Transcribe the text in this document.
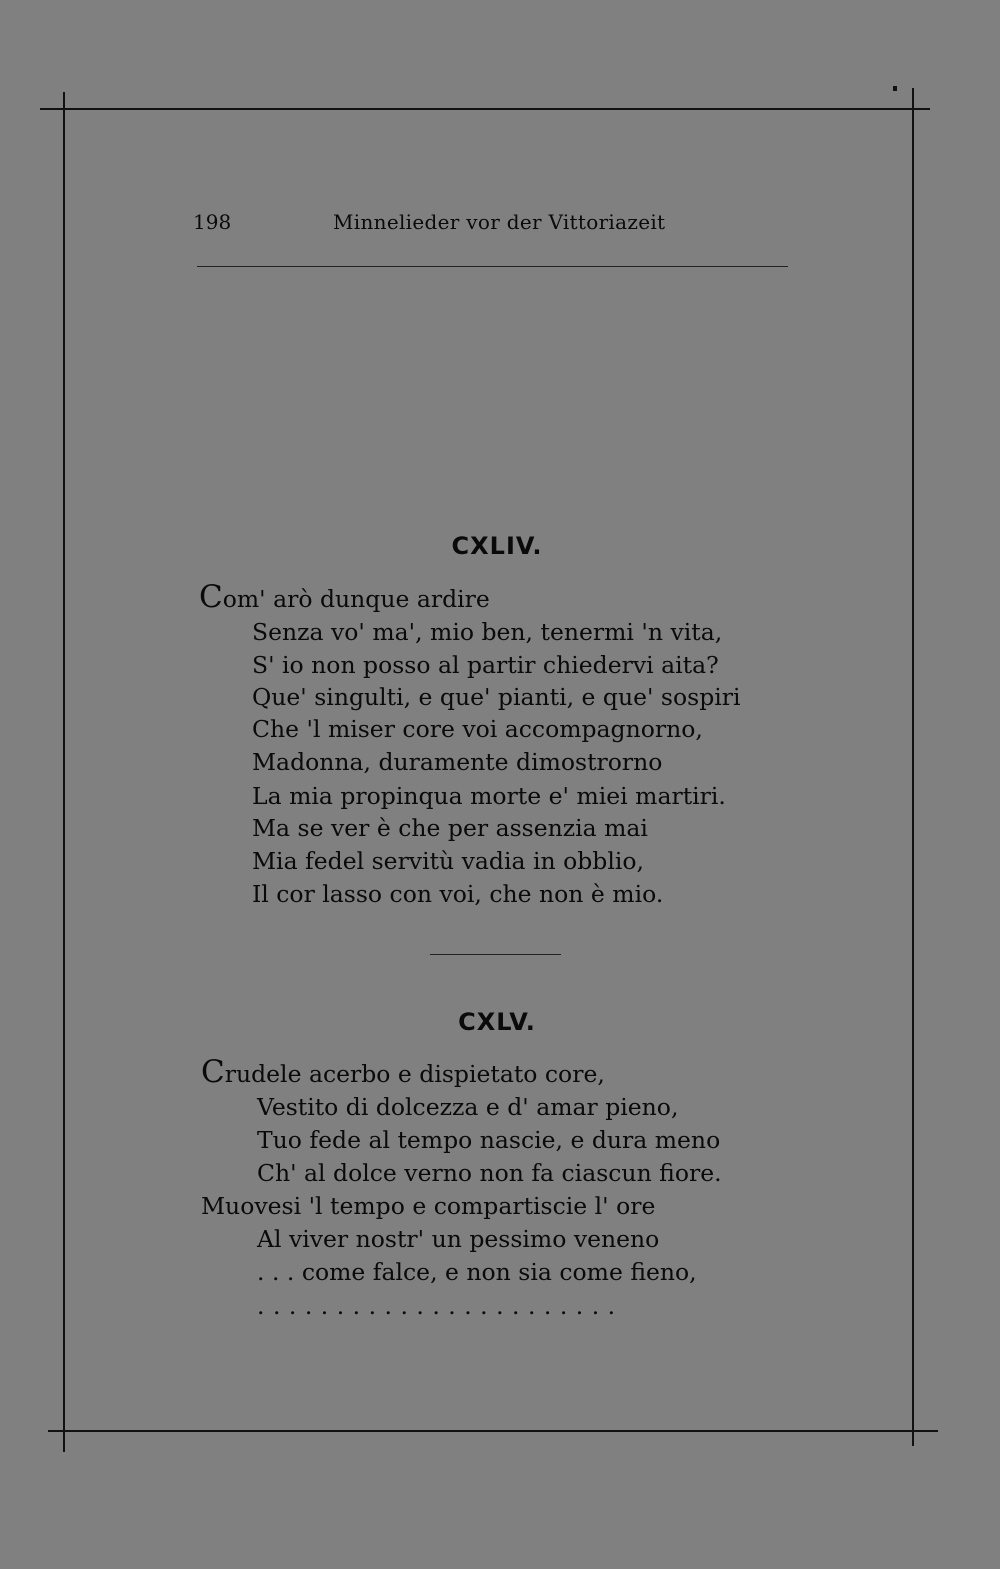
198	Minnelieder vor der Vittoriazeit
CXLIV.
Com' arò dunque ardire
Senza vo' ma', mio ben, tenermi 'n vita,
S' io non posso al partir chiedervi aita?
Que' singulti, e que' pianti, e que' sospiri
Che 'l miser core voi accompagnorno,
Madonna, duramente dimostrorno
La mia propinqua morte e' miei martiri.
Ma se ver è che per assenzia mai
Mia fedel servitù vadia in obblio,
Il cor lasso con voi, che non è mio.
CXLV.
Crudele acerbo e dispietato core,
Vestito di dolcezza e d' amar pieno,
Tuo fede al tempo nascie, e dura meno
Ch' al dolce verno non fa ciascun fiore.
Muovesi 'l tempo e compartiscie l' ore
Al viver nostr' un pessimo veneno
. . . come falce, e non sia come fieno,
. . . . . . . . . . . . . . . . . . . . . . .
